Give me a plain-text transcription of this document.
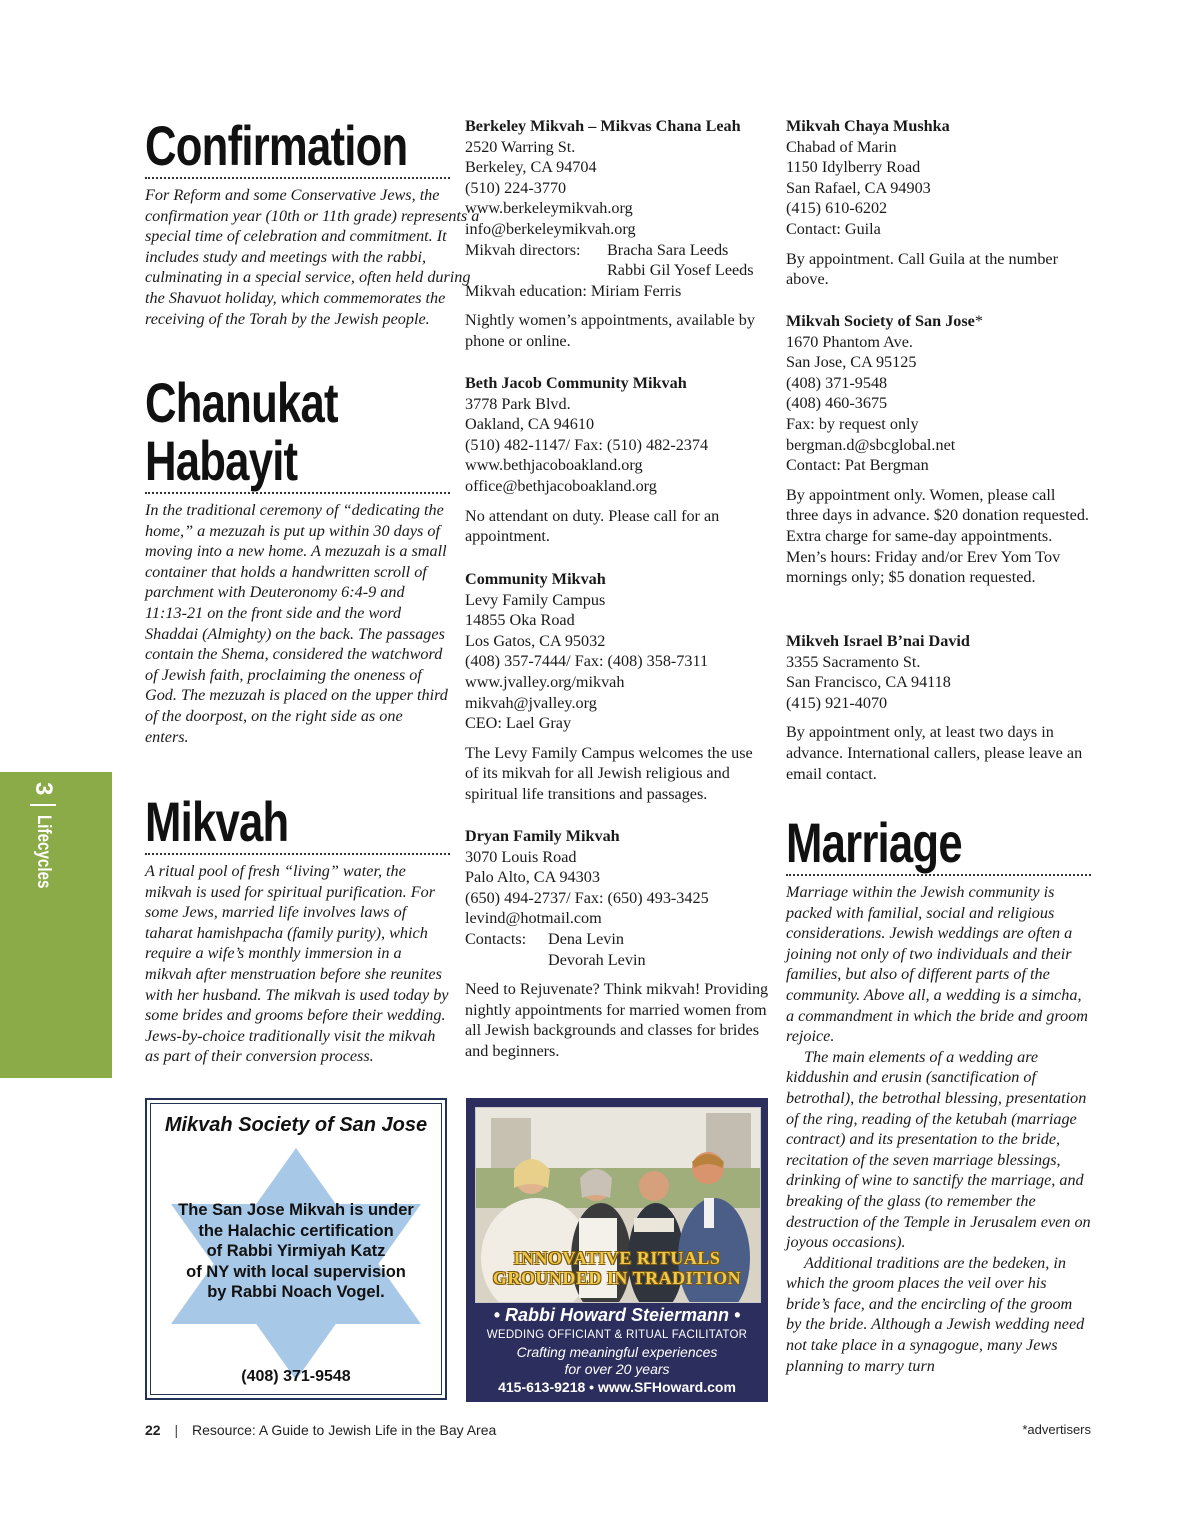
3
Lifecycles
Confirmation

For Reform and some Conservative Jews, the confirmation year (10th or 11th grade) represents a special time of celebration and commitment. It includes study and meetings with the rabbi, culminating in a special service, often held during the Shavuot holiday, which commemorates the receiving of the Torah by the Jewish people.

Chanukat
Habayit

In the traditional ceremony of “dedicating the home,” a mezuzah is put up within 30 days of moving into a new home. A mezuzah is a small container that holds a handwritten scroll of parchment with Deuteronomy 6:4-9 and 11:13-21 on the front side and the word Shaddai (Almighty) on the back. The passages contain the Shema, considered the watchword of Jewish faith, proclaiming the oneness of God. The mezuzah is placed on the upper third of the doorpost, on the right side as one enters.

Mikvah

A ritual pool of fresh “living” water, the mikvah is used for spiritual purification. For some Jews, married life involves laws of taharat hamishpacha (family purity), which require a wife’s monthly immersion in a mikvah after menstruation before she reunites with her husband. The mikvah is used today by some brides and grooms before their wedding. Jews-by-choice traditionally visit the mikvah as part of their conversion process.

Berkeley Mikvah – Mikvas Chana Leah
2520 Warring St.
Berkeley, CA 94704
(510) 224-3770
www.berkeleymikvah.org
info@berkeleymikvah.org
Mikvah directors:	Bracha Sara Leeds
Rabbi Gil Yosef Leeds
Mikvah education: Miriam Ferris
Nightly women’s appointments, available by phone or online.
Beth Jacob Community Mikvah
3778 Park Blvd.
Oakland, CA 94610
(510) 482-1147/ Fax: (510) 482-2374
www.bethjacoboakland.org
office@bethjacoboakland.org
No attendant on duty. Please call for an appointment.
Community Mikvah
Levy Family Campus
14855 Oka Road
Los Gatos, CA 95032
(408) 357-7444/ Fax: (408) 358-7311
www.jvalley.org/mikvah
mikvah@jvalley.org
CEO: Lael Gray
The Levy Family Campus welcomes the use of its mikvah for all Jewish religious and spiritual life transitions and passages.
Dryan Family Mikvah
3070 Louis Road
Palo Alto, CA 94303
(650) 494-2737/ Fax: (650) 493-3425
levind@hotmail.com
Contacts:	Dena Levin
Devorah Levin
Need to Rejuvenate? Think mikvah! Providing nightly appointments for married women from all Jewish backgrounds and classes for brides and beginners.
Mikvah Chaya Mushka
Chabad of Marin
1150 Idylberry Road
San Rafael, CA 94903
(415) 610-6202
Contact: Guila
By appointment. Call Guila at the number above.
Mikvah Society of San Jose*
1670 Phantom Ave.
San Jose, CA 95125
(408) 371-9548
(408) 460-3675
Fax: by request only
bergman.d@sbcglobal.net
Contact: Pat Bergman
By appointment only. Women, please call three days in advance. $20 donation requested. Extra charge for same-day appointments. Men’s hours: Friday and/or Erev Yom Tov mornings only; $5 donation requested.
Mikveh Israel B’nai David
3355 Sacramento St.
San Francisco, CA 94118
(415) 921-4070
By appointment only, at least two days in advance. International callers, please leave an email contact.
Marriage

Marriage within the Jewish community is packed with familial, social and religious considerations. Jewish weddings are often a joining not only of two individuals and their families, but also of different parts of the community. Above all, a wedding is a simcha, a commandment in which the bride and groom rejoice.

The main elements of a wedding are kiddushin and erusin (sanctification of betrothal), the betrothal blessing, presentation of the ring, reading of the ketubah (marriage contract) and its presentation to the bride, recitation of the seven marriage blessings, drinking of wine to sanctify the marriage, and breaking of the glass (to remember the destruction of the Temple in Jerusalem even on joyous occasions).

Additional traditions are the bedeken, in which the groom places the veil over his bride’s face, and the encircling of the groom by the bride. Although a Jewish wedding need not take place in a synagogue, many Jews planning to marry turn

Mikvah Society of San Jose
The San Jose Mikvah is under
the Halachic certification
of Rabbi Yirmiyah Katz
of NY with local supervision
by Rabbi Noach Vogel.
(408) 371-9548
INNOVATIVE RITUALS
GROUNDED IN TRADITION
• Rabbi Howard Steiermann •
WEDDING OFFICIANT & RITUAL FACILITATOR
Crafting meaningful experiences
for over 20 years
415-613-9218 • www.SFHoward.com
22 | Resource: A Guide to Jewish Life in the Bay Area	*advertisers
